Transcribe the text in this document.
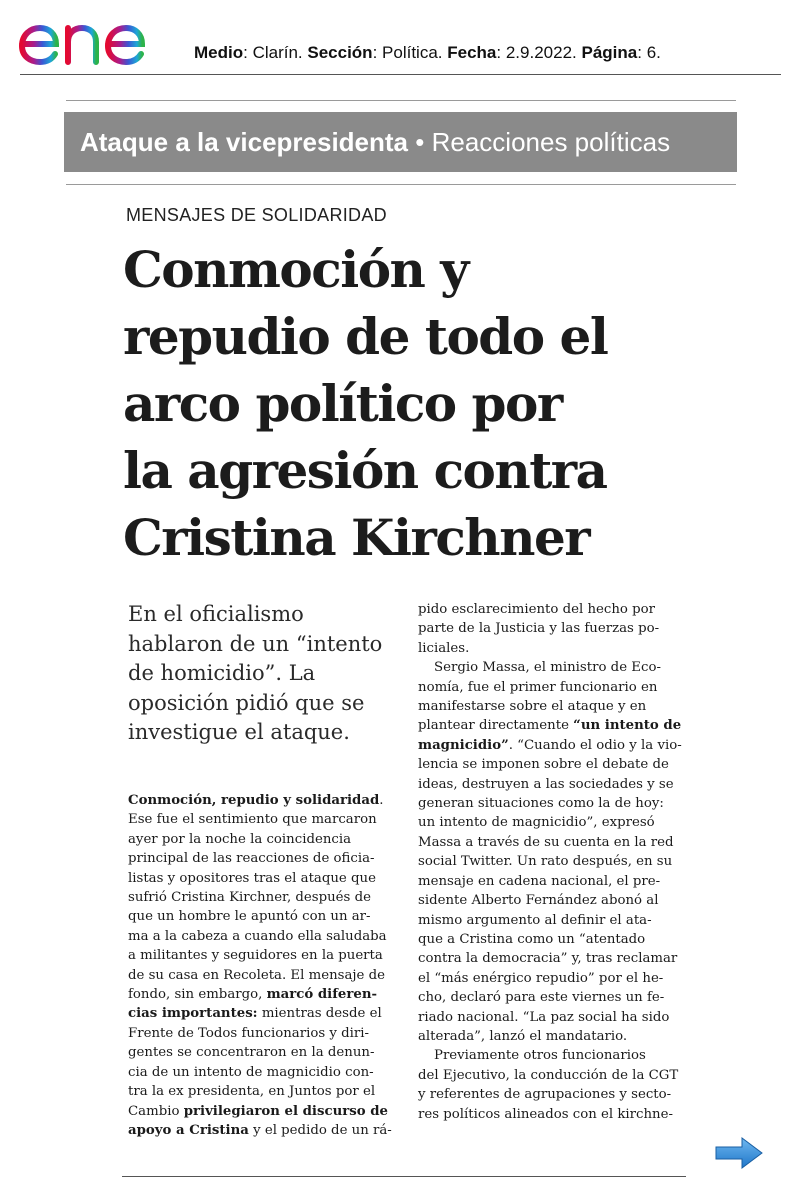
enel
Medio: Clarín. Sección: Política. Fecha: 2.9.2022. Página: 6.
Ataque a la vicepresidenta • Reacciones políticas
MENSAJES DE SOLIDARIDAD
Conmoción y
repudio de todo el
arco político por
la agresión contra
Cristina Kirchner
En el oficialismo
hablaron de un “intento
de homicidio”. La
oposición pidió que se
investigue el ataque.
Conmoción, repudio y solidaridad.
Ese fue el sentimiento que marcaron
ayer por la noche la coincidencia
principal de las reacciones de oficia-
listas y opositores tras el ataque que
sufrió Cristina Kirchner, después de
que un hombre le apuntó con un ar-
ma a la cabeza a cuando ella saludaba
a militantes y seguidores en la puerta
de su casa en Recoleta. El mensaje de
fondo, sin embargo, marcó diferen-
cias importantes: mientras desde el
Frente de Todos funcionarios y diri-
gentes se concentraron en la denun-
cia de un intento de magnicidio con-
tra la ex presidenta, en Juntos por el
Cambio privilegiaron el discurso de
apoyo a Cristina y el pedido de un rá-
pido esclarecimiento del hecho por
parte de la Justicia y las fuerzas po-
liciales.
Sergio Massa, el ministro de Eco-
nomía, fue el primer funcionario en
manifestarse sobre el ataque y en
plantear directamente “un intento de
magnicidio”. “Cuando el odio y la vio-
lencia se imponen sobre el debate de
ideas, destruyen a las sociedades y se
generan situaciones como la de hoy:
un intento de magnicidio”, expresó
Massa a través de su cuenta en la red
social Twitter. Un rato después, en su
mensaje en cadena nacional, el pre-
sidente Alberto Fernández abonó al
mismo argumento al definir el ata-
que a Cristina como un “atentado
contra la democracia” y, tras reclamar
el “más enérgico repudio” por el he-
cho, declaró para este viernes un fe-
riado nacional. “La paz social ha sido
alterada”, lanzó el mandatario.
Previamente otros funcionarios
del Ejecutivo, la conducción de la CGT
y referentes de agrupaciones y secto-
res políticos alineados con el kirchne-
